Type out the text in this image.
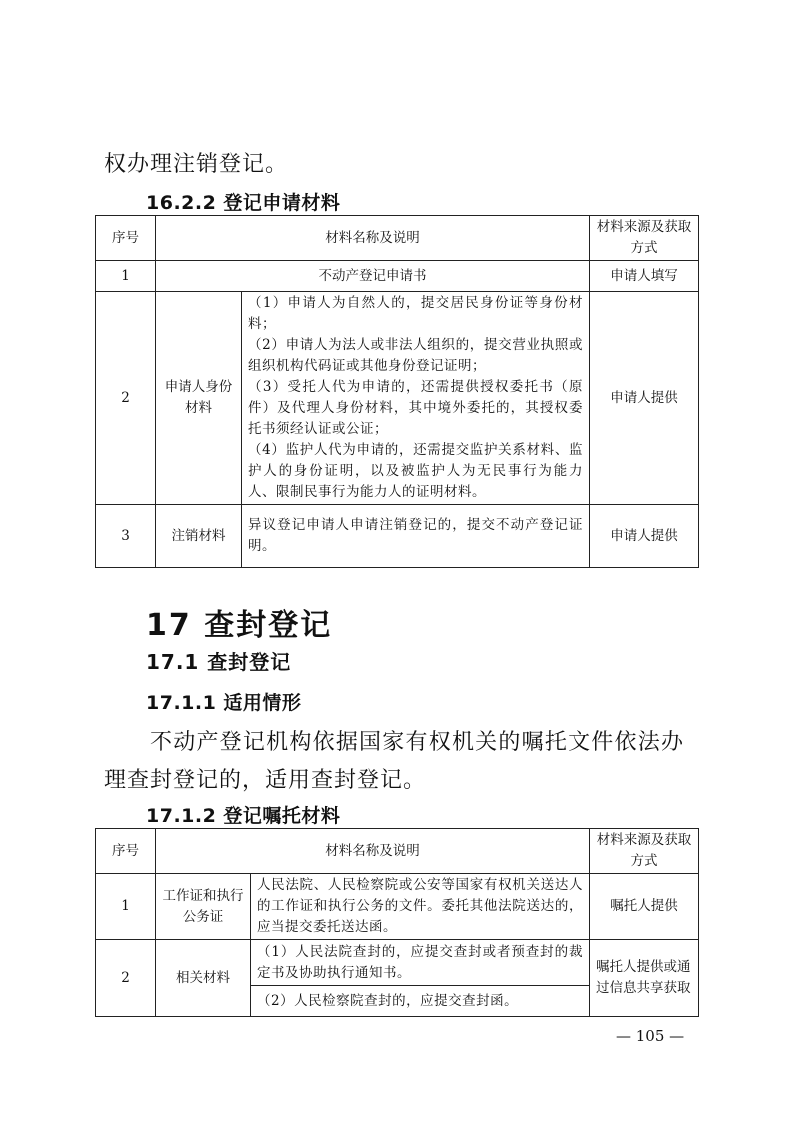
权办理注销登记。
16.2.2 登记申请材料
序号	材料名称及说明		材料来源及获取方式
1	不动产登记申请书		申请人填写
2	申请人身份材料	（1）申请人为自然人的，提交居民身份证等身份材料；
（2）申请人为法人或非法人组织的，提交营业执照或组织机构代码证或其他身份登记证明；
（3）受托人代为申请的，还需提供授权委托书（原件）及代理人身份材料，其中境外委托的，其授权委托书须经认证或公证；
（4）监护人代为申请的，还需提交监护关系材料、监护人的身份证明，以及被监护人为无民事行为能力人、限制民事行为能力人的证明材料。	申请人提供
3	注销材料	异议登记申请人申请注销登记的，提交不动产登记证明。	申请人提供
17 查封登记
17.1 查封登记
17.1.1 适用情形
不动产登记机构依据国家有权机关的嘱托文件依法办理查封登记的，适用查封登记。
17.1.2 登记嘱托材料
序号	材料名称及说明		材料来源及获取方式
1	工作证和执行公务证	人民法院、人民检察院或公安等国家有权机关送达人的工作证和执行公务的文件。委托其他法院送达的，应当提交委托送达函。	嘱托人提供
2	相关材料	（1）人民法院查封的，应提交查封或者预查封的裁定书及协助执行通知书。	嘱托人提供或通过信息共享获取
		（2）人民检察院查封的，应提交查封函。	
— 105 —
